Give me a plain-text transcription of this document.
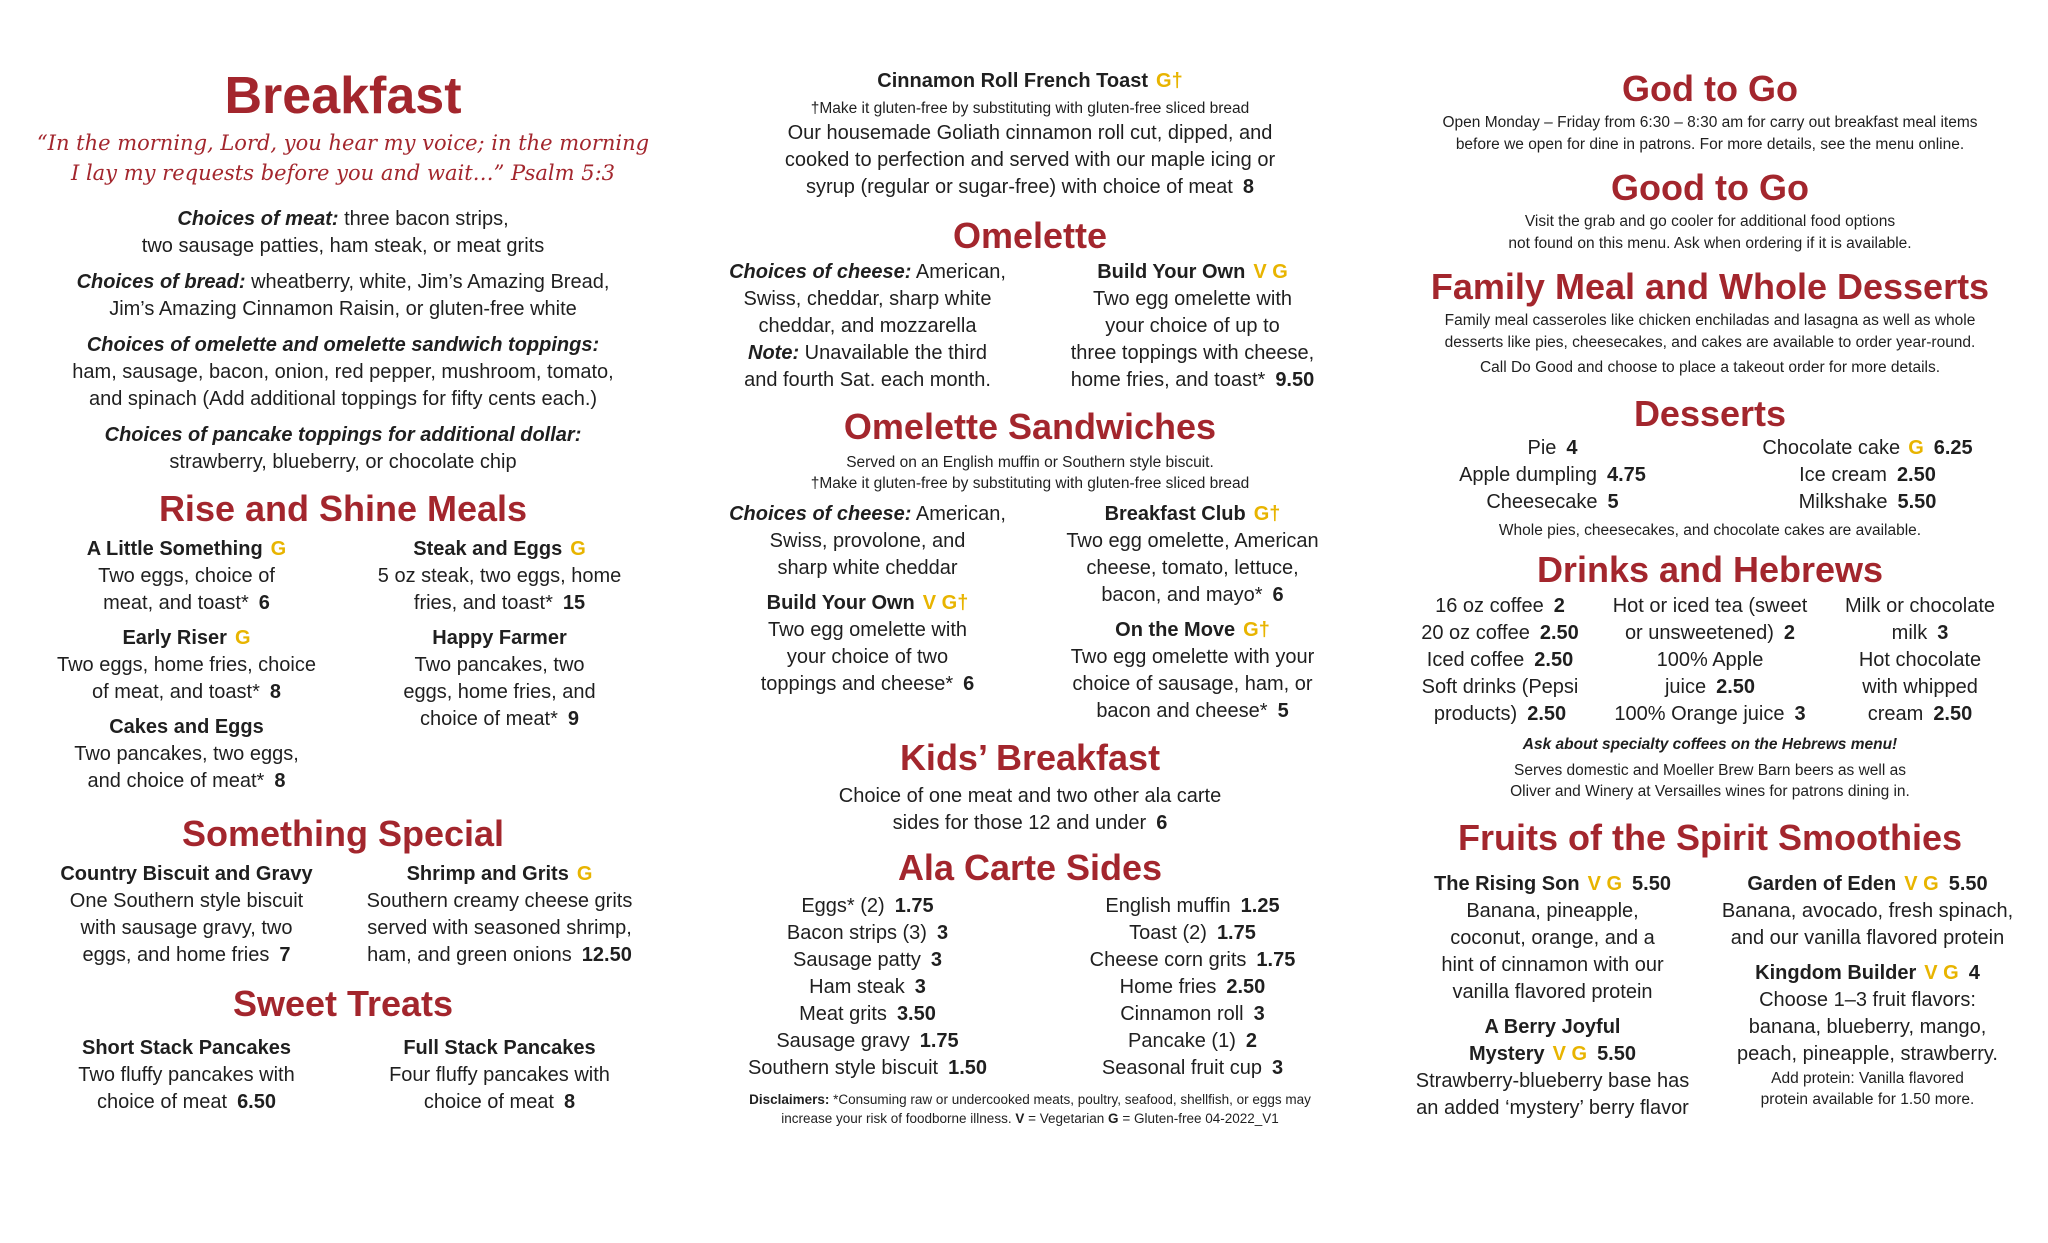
Breakfast
“In the morning, Lord, you hear my voice; in the morning
I lay my requests before you and wait…” Psalm 5:3
Choices of meat: three bacon strips,
two sausage patties, ham steak, or meat grits
Choices of bread: wheatberry, white, Jim’s Amazing Bread,
Jim’s Amazing Cinnamon Raisin, or gluten-free white
Choices of omelette and omelette sandwich toppings:
ham, sausage, bacon, onion, red pepper, mushroom, tomato,
and spinach (Add additional toppings for fifty cents each.)
Choices of pancake toppings for additional dollar:
strawberry, blueberry, or chocolate chip
Rise and Shine Meals
A Little Something G
Two eggs, choice of
meat, and toast* 6
Early Riser G
Two eggs, home fries, choice
of meat, and toast* 8
Cakes and Eggs
Two pancakes, two eggs,
and choice of meat* 8
Steak and Eggs G
5 oz steak, two eggs, home
fries, and toast* 15
Happy Farmer
Two pancakes, two
eggs, home fries, and
choice of meat* 9
Something Special
Country Biscuit and Gravy
One Southern style biscuit
with sausage gravy, two
eggs, and home fries 7
Shrimp and Grits G
Southern creamy cheese grits
served with seasoned shrimp,
ham, and green onions 12.50
Sweet Treats
Short Stack Pancakes
Two fluffy pancakes with
choice of meat 6.50
Full Stack Pancakes
Four fluffy pancakes with
choice of meat 8
Cinnamon Roll French Toast G†
†Make it gluten-free by substituting with gluten-free sliced bread
Our housemade Goliath cinnamon roll cut, dipped, and
cooked to perfection and served with our maple icing or
syrup (regular or sugar-free) with choice of meat 8
Omelette
Choices of cheese: American,
Swiss, cheddar, sharp white
cheddar, and mozzarella
Note: Unavailable the third
and fourth Sat. each month.
Build Your Own V G
Two egg omelette with
your choice of up to
three toppings with cheese,
home fries, and toast* 9.50
Omelette Sandwiches
Served on an English muffin or Southern style biscuit.
†Make it gluten-free by substituting with gluten-free sliced bread
Choices of cheese: American,
Swiss, provolone, and
sharp white cheddar
Build Your Own V G†
Two egg omelette with
your choice of two
toppings and cheese* 6
Breakfast Club G†
Two egg omelette, American
cheese, tomato, lettuce,
bacon, and mayo* 6
On the Move G†
Two egg omelette with your
choice of sausage, ham, or
bacon and cheese* 5
Kids’ Breakfast
Choice of one meat and two other ala carte
sides for those 12 and under 6
Ala Carte Sides
Eggs* (2) 1.75
Bacon strips (3) 3
Sausage patty 3
Ham steak 3
Meat grits 3.50
Sausage gravy 1.75
Southern style biscuit 1.50
English muffin 1.25
Toast (2) 1.75
Cheese corn grits 1.75
Home fries 2.50
Cinnamon roll 3
Pancake (1) 2
Seasonal fruit cup 3
Disclaimers: *Consuming raw or undercooked meats, poultry, seafood, shellfish, or eggs may
increase your risk of foodborne illness. V = Vegetarian G = Gluten-free 04-2022_V1
God to Go
Open Monday – Friday from 6:30 – 8:30 am for carry out breakfast meal items
before we open for dine in patrons. For more details, see the menu online.
Good to Go
Visit the grab and go cooler for additional food options
not found on this menu. Ask when ordering if it is available.
Family Meal and Whole Desserts
Family meal casseroles like chicken enchiladas and lasagna as well as whole
desserts like pies, cheesecakes, and cakes are available to order year-round.
Call Do Good and choose to place a takeout order for more details.
Desserts
Pie 4
Apple dumpling 4.75
Cheesecake 5
Chocolate cake G 6.25
Ice cream 2.50
Milkshake 5.50
Whole pies, cheesecakes, and chocolate cakes are available.
Drinks and Hebrews
16 oz coffee 2
20 oz coffee 2.50
Iced coffee 2.50
Soft drinks (Pepsi
products) 2.50
Hot or iced tea (sweet
or unsweetened) 2
100% Apple
juice 2.50
100% Orange juice 3
Milk or chocolate
milk 3
Hot chocolate
with whipped
cream 2.50
Ask about specialty coffees on the Hebrews menu!
Serves domestic and Moeller Brew Barn beers as well as
Oliver and Winery at Versailles wines for patrons dining in.
Fruits of the Spirit Smoothies
The Rising Son V G 5.50
Banana, pineapple,
coconut, orange, and a
hint of cinnamon with our
vanilla flavored protein
A Berry Joyful
Mystery V G 5.50
Strawberry-blueberry base has
an added ‘mystery’ berry flavor
Garden of Eden V G 5.50
Banana, avocado, fresh spinach,
and our vanilla flavored protein
Kingdom Builder V G 4
Choose 1–3 fruit flavors:
banana, blueberry, mango,
peach, pineapple, strawberry.
Add protein: Vanilla flavored
protein available for 1.50 more.
